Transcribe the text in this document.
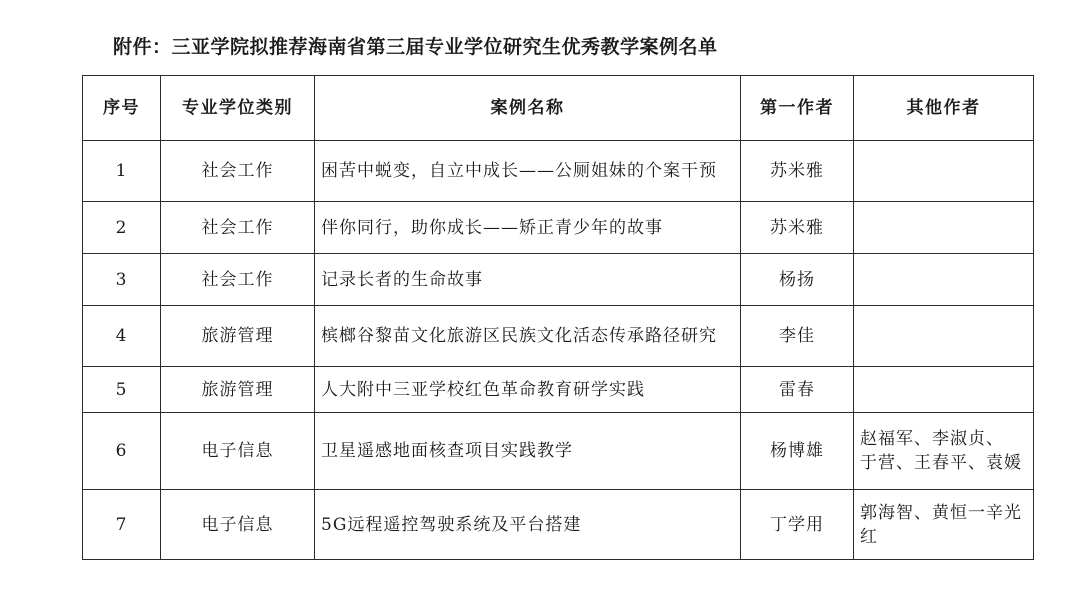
附件：三亚学院拟推荐海南省第三届专业学位研究生优秀教学案例名单
序号	专业学位类别	案例名称	第一作者	其他作者
1	社会工作	困苦中蜕变，自立中成长——公厕姐妹的个案干预	苏米雅	
2	社会工作	伴你同行，助你成长——矫正青少年的故事	苏米雅	
3	社会工作	记录长者的生命故事	杨扬	
4	旅游管理	槟榔谷黎苗文化旅游区民族文化活态传承路径研究	李佳	
5	旅游管理	人大附中三亚学校红色革命教育研学实践	雷春	
6	电子信息	卫星遥感地面核查项目实践教学	杨博雄	赵福军、李淑贞、 于营、王春平、袁媛
7	电子信息	5G远程遥控驾驶系统及平台搭建	丁学用	郭海智、黄恒一辛光红
